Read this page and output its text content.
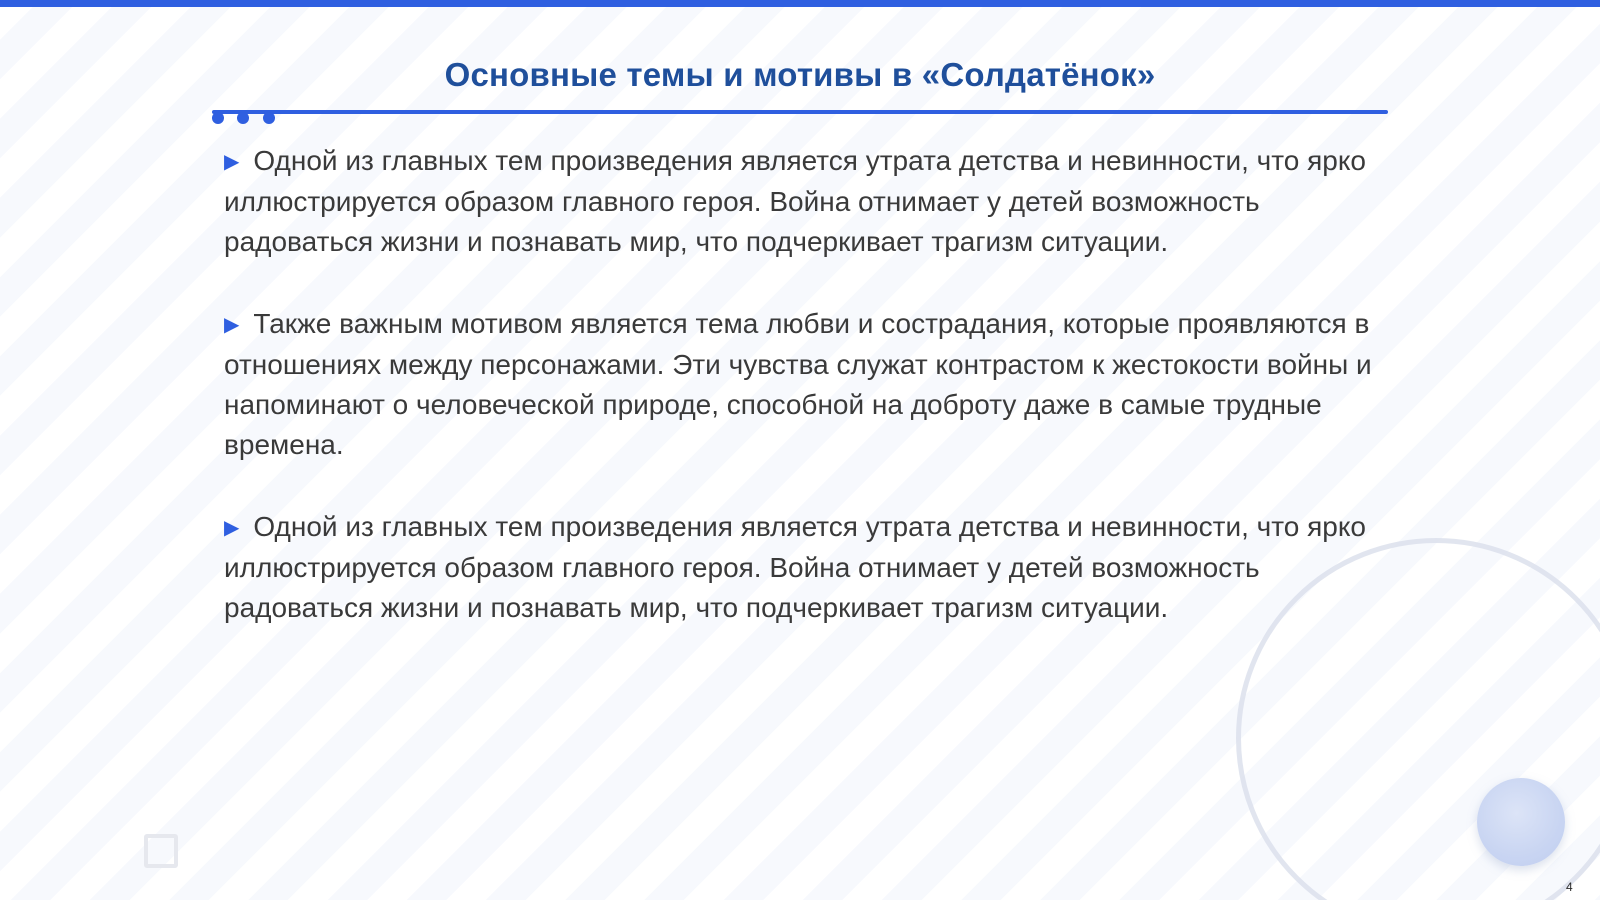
Основные темы и мотивы в «Солдатёнок»

▶ Одной из главных тем произведения является утрата детства и невинности, что ярко иллюстрируется образом главного героя. Война отнимает у детей возможность радоваться жизни и познавать мир, что подчеркивает трагизм ситуации.

▶ Также важным мотивом является тема любви и сострадания, которые проявляются в отношениях между персонажами. Эти чувства служат контрастом к жестокости войны и напоминают о человеческой природе, способной на доброту даже в самые трудные времена.

▶ Одной из главных тем произведения является утрата детства и невинности, что ярко иллюстрируется образом главного героя. Война отнимает у детей возможность радоваться жизни и познавать мир, что подчеркивает трагизм ситуации.

4
